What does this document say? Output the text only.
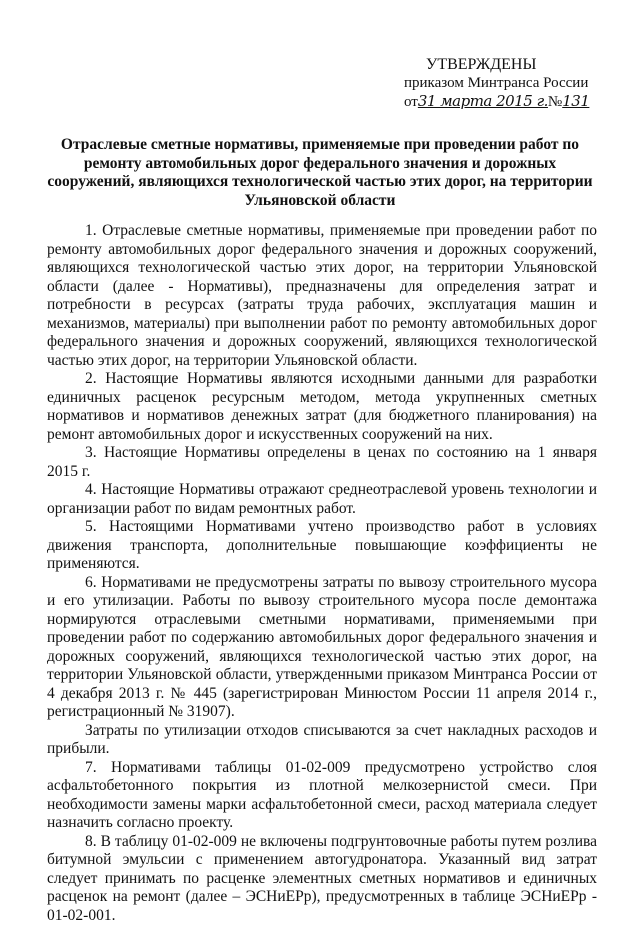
УТВЕРЖДЕНЫ
приказом Минтранса России
от31 марта 2015 г.№131
Отраслевые сметные нормативы, применяемые при проведении работ по ремонту автомобильных дорог федерального значения и дорожных сооружений, являющихся технологической частью этих дорог, на территории Ульяновской области

1. Отраслевые сметные нормативы, применяемые при проведении работ по ремонту автомобильных дорог федерального значения и дорожных сооружений, являющихся технологической частью этих дорог, на территории Ульяновской области (далее - Нормативы), предназначены для определения затрат и потребности в ресурсах (затраты труда рабочих, эксплуатация машин и механизмов, материалы) при выполнении работ по ремонту автомобильных дорог федерального значения и дорожных сооружений, являющихся технологической частью этих дорог, на территории Ульяновской области.

2. Настоящие Нормативы являются исходными данными для разработки единичных расценок ресурсным методом, метода укрупненных сметных нормативов и нормативов денежных затрат (для бюджетного планирования) на ремонт автомобильных дорог и искусственных сооружений на них.

3. Настоящие Нормативы определены в ценах по состоянию на 1 января 2015 г.

4. Настоящие Нормативы отражают среднеотраслевой уровень технологии и организации работ по видам ремонтных работ.

5. Настоящими Нормативами учтено производство работ в условиях движения транспорта, дополнительные повышающие коэффициенты не применяются.

6. Нормативами не предусмотрены затраты по вывозу строительного мусора и его утилизации. Работы по вывозу строительного мусора после демонтажа нормируются отраслевыми сметными нормативами, применяемыми при проведении работ по содержанию автомобильных дорог федерального значения и дорожных сооружений, являющихся технологической частью этих дорог, на территории Ульяновской области, утвержденными приказом Минтранса России от 4 декабря 2013 г. № 445 (зарегистрирован Минюстом России 11 апреля 2014 г., регистрационный № 31907).

Затраты по утилизации отходов списываются за счет накладных расходов и прибыли.

7. Нормативами таблицы 01-02-009 предусмотрено устройство слоя асфальтобетонного покрытия из плотной мелкозернистой смеси. При необходимости замены марки асфальтобетонной смеси, расход материала следует назначить согласно проекту.

8. В таблицу 01-02-009 не включены подгрунтовочные работы путем розлива битумной эмульсии с применением автогудронатора. Указанный вид затрат следует принимать по расценке элементных сметных нормативов и единичных расценок на ремонт (далее – ЭСНиЕРр), предусмотренных в таблице ЭСНиЕРр - 01-02-001.
